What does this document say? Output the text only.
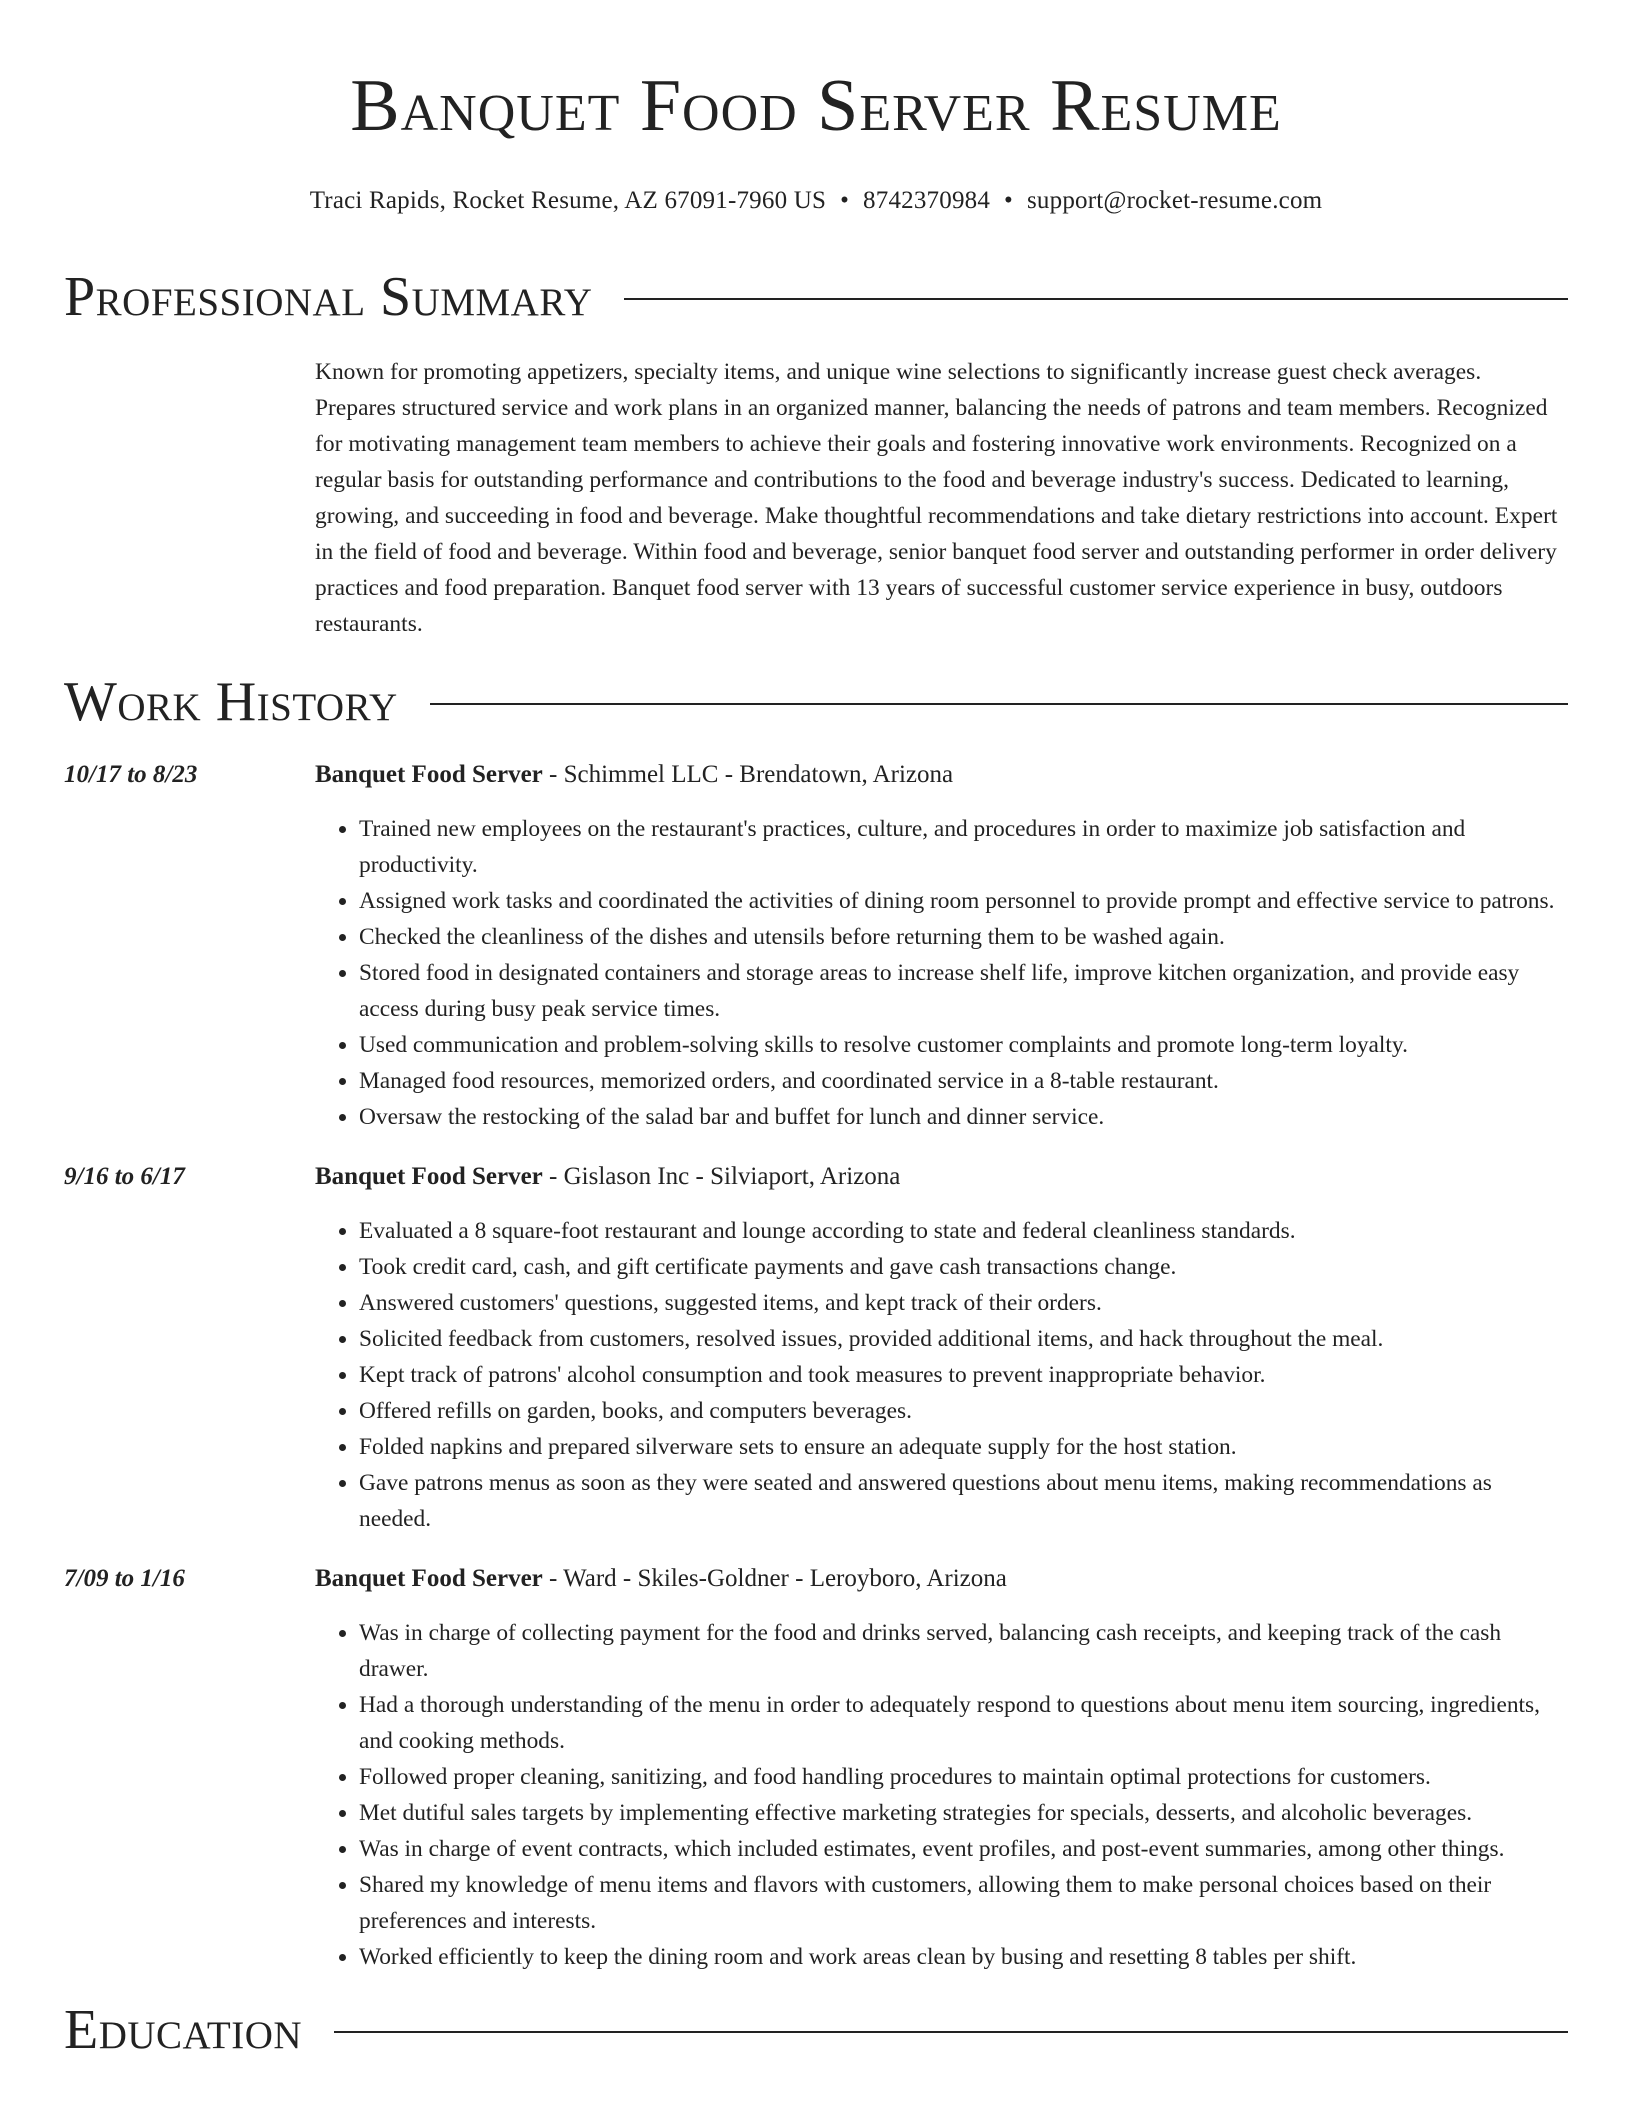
Banquet Food Server Resume
Traci Rapids, Rocket Resume, AZ 67091-7960 US • 8742370984 • support@rocket-resume.com
Professional Summary
Known for promoting appetizers, specialty items, and unique wine selections to significantly increase guest check averages. Prepares structured service and work plans in an organized manner, balancing the needs of patrons and team members. Recognized for motivating management team members to achieve their goals and fostering innovative work environments. Recognized on a regular basis for outstanding performance and contributions to the food and beverage industry's success. Dedicated to learning, growing, and succeeding in food and beverage. Make thoughtful recommendations and take dietary restrictions into account. Expert in the field of food and beverage. Within food and beverage, senior banquet food server and outstanding performer in order delivery practices and food preparation. Banquet food server with 13 years of successful customer service experience in busy, outdoors restaurants.
Work History
10/17 to 8/23	Banquet Food Server - Schimmel LLC - Brendatown, Arizona
• Trained new employees on the restaurant's practices, culture, and procedures in order to maximize job satisfaction and productivity.
• Assigned work tasks and coordinated the activities of dining room personnel to provide prompt and effective service to patrons.
• Checked the cleanliness of the dishes and utensils before returning them to be washed again.
• Stored food in designated containers and storage areas to increase shelf life, improve kitchen organization, and provide easy access during busy peak service times.
• Used communication and problem-solving skills to resolve customer complaints and promote long-term loyalty.
• Managed food resources, memorized orders, and coordinated service in a 8-table restaurant.
• Oversaw the restocking of the salad bar and buffet for lunch and dinner service.
9/16 to 6/17	Banquet Food Server - Gislason Inc - Silviaport, Arizona
• Evaluated a 8 square-foot restaurant and lounge according to state and federal cleanliness standards.
• Took credit card, cash, and gift certificate payments and gave cash transactions change.
• Answered customers' questions, suggested items, and kept track of their orders.
• Solicited feedback from customers, resolved issues, provided additional items, and hack throughout the meal.
• Kept track of patrons' alcohol consumption and took measures to prevent inappropriate behavior.
• Offered refills on garden, books, and computers beverages.
• Folded napkins and prepared silverware sets to ensure an adequate supply for the host station.
• Gave patrons menus as soon as they were seated and answered questions about menu items, making recommendations as needed.
7/09 to 1/16	Banquet Food Server - Ward - Skiles-Goldner - Leroyboro, Arizona
• Was in charge of collecting payment for the food and drinks served, balancing cash receipts, and keeping track of the cash drawer.
• Had a thorough understanding of the menu in order to adequately respond to questions about menu item sourcing, ingredients, and cooking methods.
• Followed proper cleaning, sanitizing, and food handling procedures to maintain optimal protections for customers.
• Met dutiful sales targets by implementing effective marketing strategies for specials, desserts, and alcoholic beverages.
• Was in charge of event contracts, which included estimates, event profiles, and post-event summaries, among other things.
• Shared my knowledge of menu items and flavors with customers, allowing them to make personal choices based on their preferences and interests.
• Worked efficiently to keep the dining room and work areas clean by busing and resetting 8 tables per shift.
Education
